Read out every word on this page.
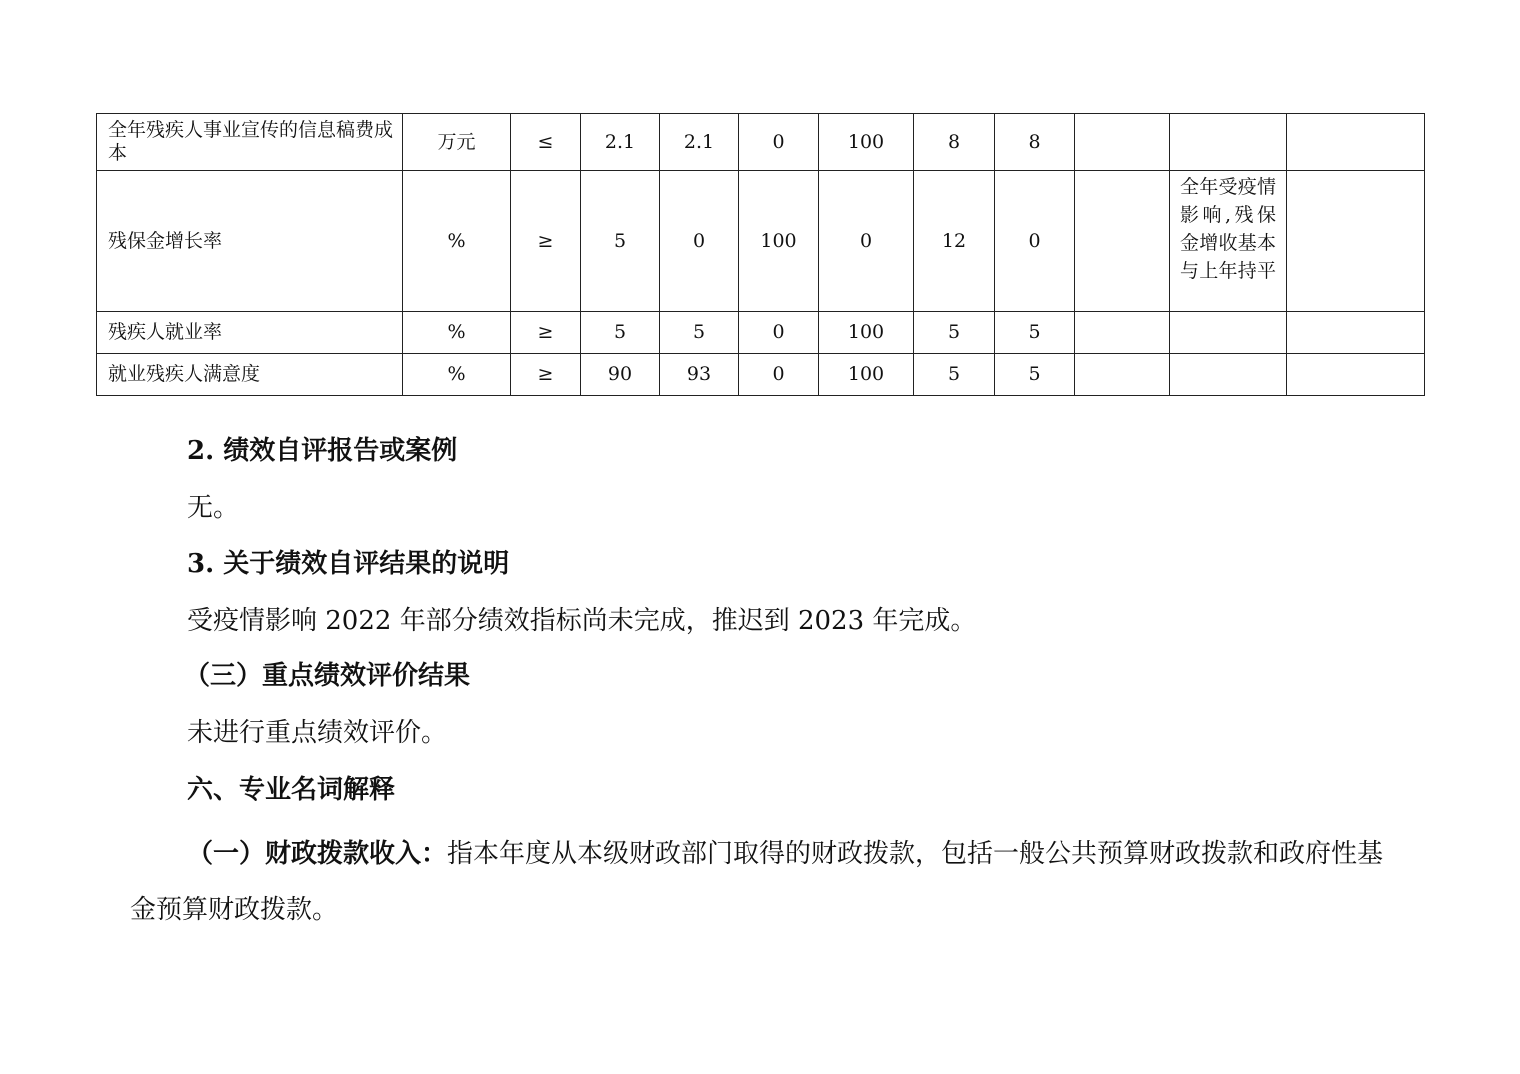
全年残疾人事业宣传的信息稿费成本	万元	≤	2.1	2.1	0	100	8	8			
残保金增长率	%	≥	5	0	100	0	12	0		全年受疫情影响,残保金增收基本与上年持平	
残疾人就业率	%	≥	5	5	0	100	5	5			
就业残疾人满意度	%	≥	90	93	0	100	5	5			
2. 绩效自评报告或案例
无。
3. 关于绩效自评结果的说明
受疫情影响 2022 年部分绩效指标尚未完成，推迟到 2023 年完成。
（三）重点绩效评价结果
未进行重点绩效评价。
六、专业名词解释
（一）财政拨款收入：指本年度从本级财政部门取得的财政拨款，包括一般公共预算财政拨款和政府性基金预算财政拨款。
